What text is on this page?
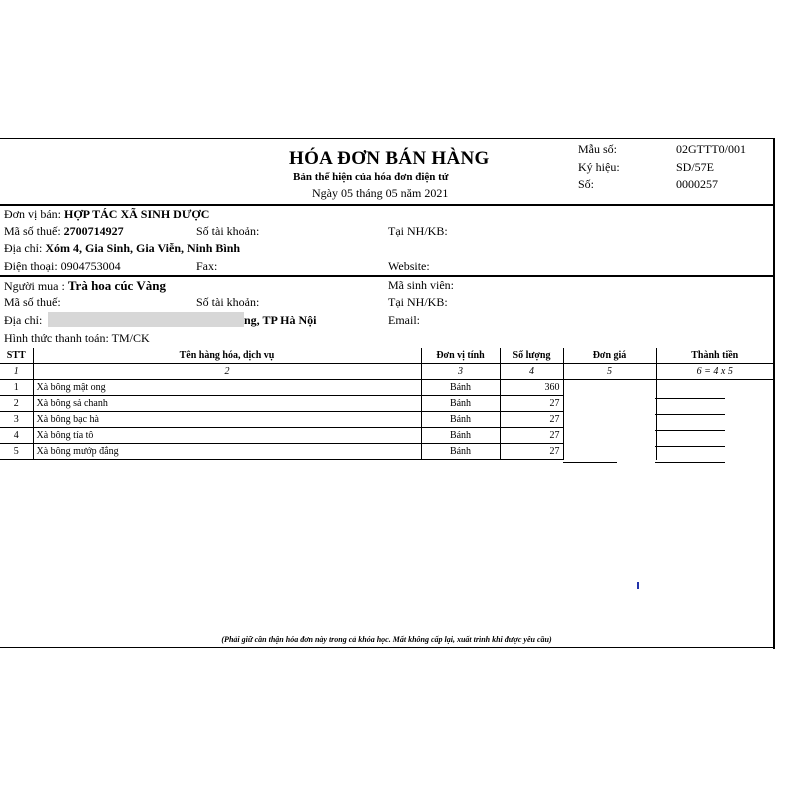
HÓA ĐƠN BÁN HÀNG
Bản thể hiện của hóa đơn điện tử
Ngày 05 tháng 05 năm 2021
Mẫu số:	02GTTT0/001
Ký hiệu:	SD/57E
Số:	0000257
Đơn vị bán: HỢP TÁC XÃ SINH DƯỢC
Mã số thuế: 2700714927	Số tài khoản:	Tại NH/KB:
Địa chỉ: Xóm 4, Gia Sinh, Gia Viễn, Ninh Bình
Điện thoại: 0904753004	Fax:	Website:
Người mua : Trà hoa cúc Vàng	Mã sinh viên:
Mã số thuế:	Số tài khoản:	Tại NH/KB:
Địa chỉ:	ng, TP Hà Nội	Email:
Hình thức thanh toán: TM/CK
STT	Tên hàng hóa, dịch vụ	Đơn vị tính	Số lượng	Đơn giá	Thành tiền
1	2	3	4	5	6 = 4 x 5
1	Xà bông mật ong	Bánh	360		
2	Xà bông sả chanh	Bánh	27		
3	Xà bông bạc hà	Bánh	27		
4	Xà bông tía tô	Bánh	27		
5	Xà bông mướp đắng	Bánh	27		
(Phải giữ cần thận hóa đơn này trong cả khóa học. Mất không cấp lại, xuất trình khi được yêu cầu)
